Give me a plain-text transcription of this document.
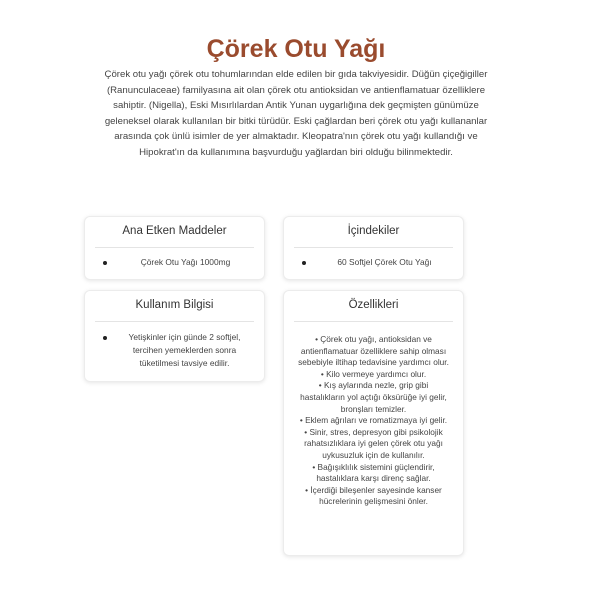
Çörek Otu Yağı
Çörek otu yağı çörek otu tohumlarından elde edilen bir gıda takviyesidir. Düğün çiçeğigiller (Ranunculaceae) familyasına ait olan çörek otu antioksidan ve antienflamatuar özelliklere sahiptir. (Nigella), Eski Mısırlılardan Antik Yunan uygarlığına dek geçmişten günümüze geleneksel olarak kullanılan bir bitki türüdür. Eski çağlardan beri çörek otu yağı kullananlar arasında çok ünlü isimler de yer almaktadır. Kleopatra'nın çörek otu yağı kullandığı ve Hipokrat'ın da kullanımına başvurduğu yağlardan biri olduğu bilinmektedir.
Ana Etken Maddeler
Çörek Otu Yağı 1000mg
İçindekiler
60 Softjel Çörek Otu Yağı
Kullanım Bilgisi
Yetişkinler için günde 2 softjel, tercihen yemeklerden sonra tüketilmesi tavsiye edilir.
Özellikleri
• Çörek otu yağı, antioksidan ve antienflamatuar özelliklere sahip olması sebebiyle iltihap tedavisine yardımcı olur.
• Kilo vermeye yardımcı olur.
• Kış aylarında nezle, grip gibi hastalıkların yol açtığı öksürüğe iyi gelir, bronşları temizler.
• Eklem ağrıları ve romatizmaya iyi gelir.
• Sinir, stres, depresyon gibi psikolojik rahatsızlıklara iyi gelen çörek otu yağı uykusuzluk için de kullanılır.
• Bağışıklılık sistemini güçlendirir, hastalıklara karşı direnç sağlar.
• İçerdiği bileşenler sayesinde kanser hücrelerinin gelişmesini önler.
